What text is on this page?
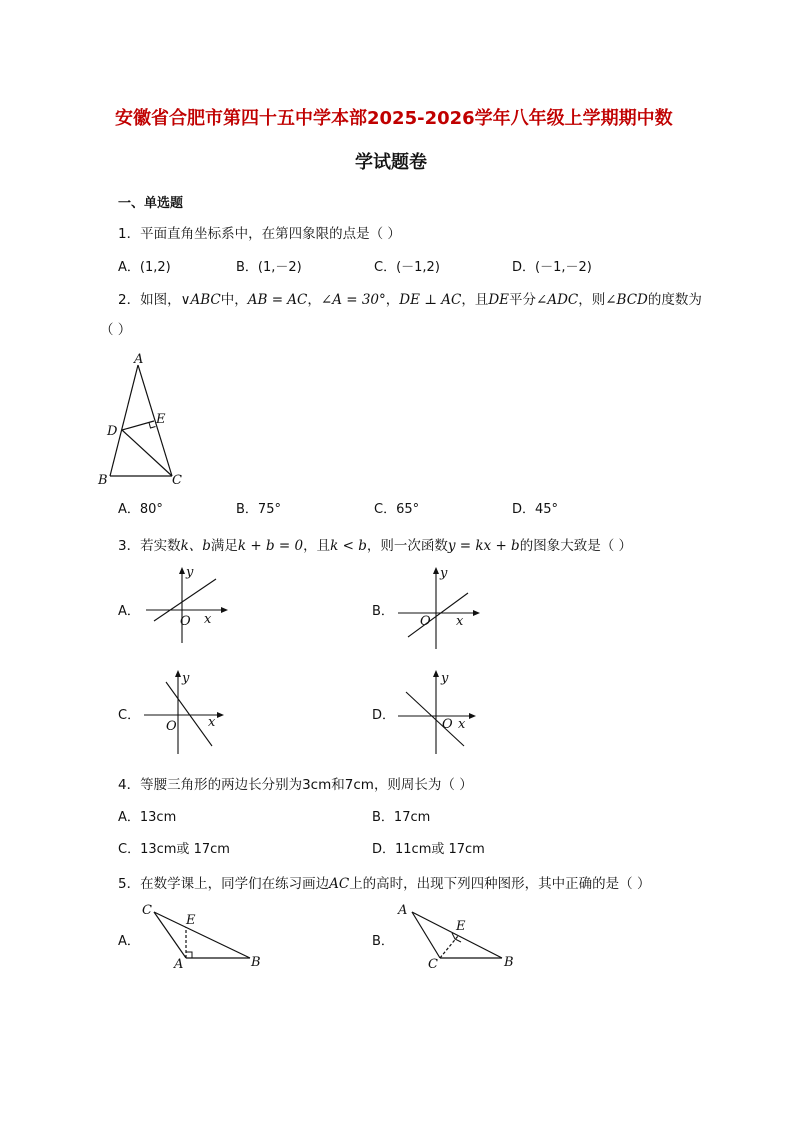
安徽省合肥市第四十五中学本部2025-2026学年八年级上学期期中数
学试题卷
一、单选题
1．平面直角坐标系中，在第四象限的点是（ ）
A．(1,2)	B．(1,－2)	C．(－1,2)	D．(－1,－2)
2．如图，∨ABC中，AB = AC，∠A = 30°，DE ⊥ AC，且DE平分∠ADC，则∠BCD的度数为
（ ）
A
B	C
D
E
A．80°	B．75°	C．65°	D．45°
3．若实数k、b满足k + b = 0，且k < b，则一次函数y = kx + b的图象大致是（ ）
A．
y
x
O
B．
y
x
O
C．
y
x
O
D．
y
x
O
4．等腰三角形的两边长分别为3cm和7cm，则周长为（ ）
A．13cm	B．17cm
C．13cm或 17cm	D．11cm或 17cm
5．在数学课上，同学们在练习画边AC上的高时，出现下列四种图形，其中正确的是（ ）
A．
C
E
A	B
B．
A
E
C	B
